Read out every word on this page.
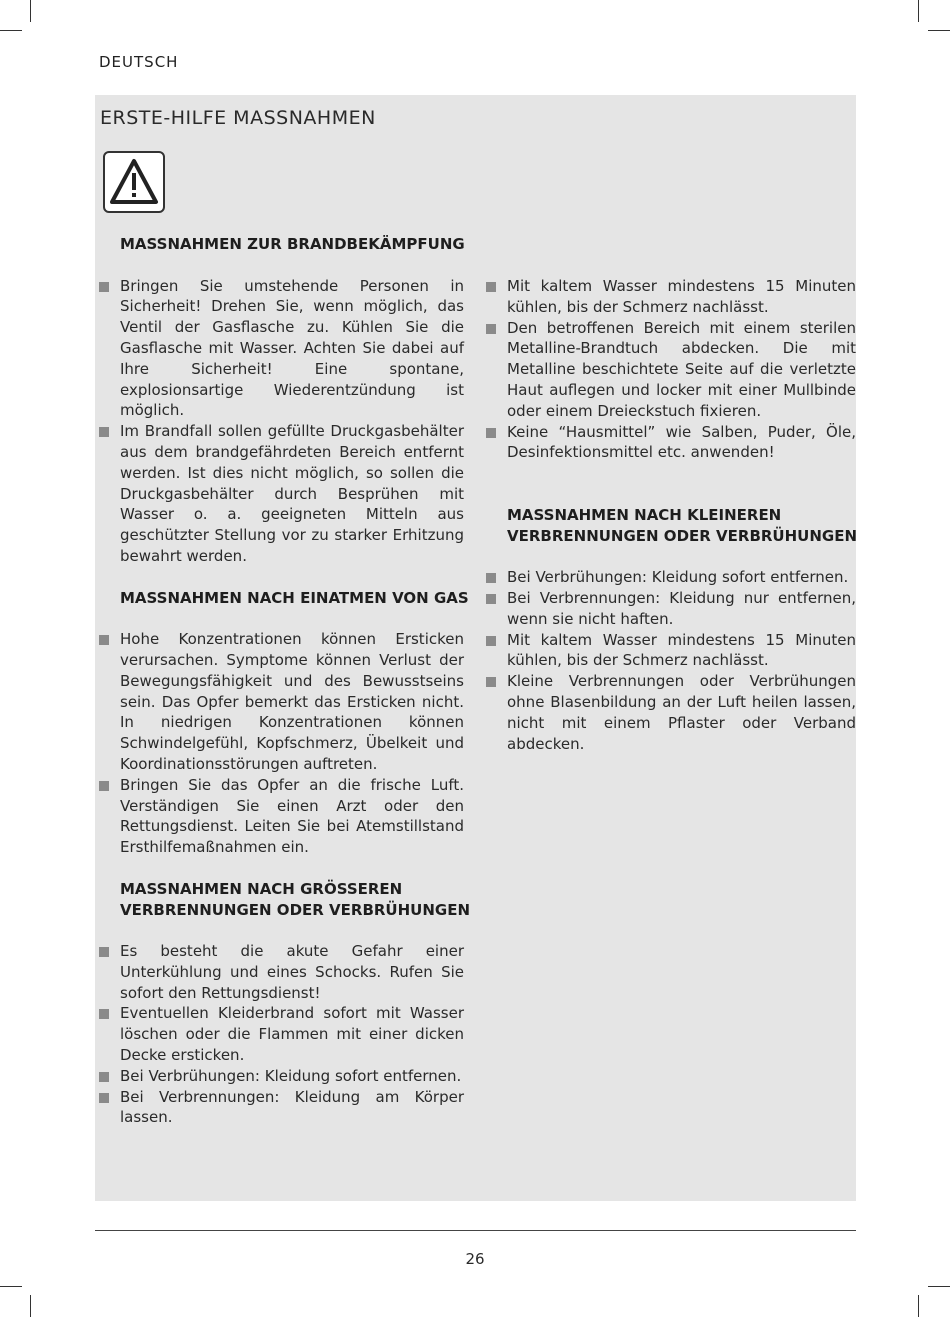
DEUTSCH
ERSTE-HILFE MASSNAHMEN
MASSNAHMEN ZUR BRANDBEKÄMPFUNG
Bringen Sie umstehende Personen in Sicherheit! Drehen Sie, wenn möglich, das Ventil der Gasflasche zu. Kühlen Sie die Gasflasche mit Wasser. Achten Sie dabei auf Ihre Sicherheit! Eine spontane, explosionsartige Wiederentzündung ist möglich.
Im Brandfall sollen gefüllte Druckgasbehälter aus dem brandgefährdeten Bereich entfernt werden. Ist dies nicht möglich, so sollen die Druckgasbehälter durch Besprühen mit Wasser o. a. geeigneten Mitteln aus geschützter Stellung vor zu starker Erhitzung bewahrt werden.
MASSNAHMEN NACH EINATMEN VON GAS
Hohe Konzentrationen können Ersticken verursachen. Symptome können Verlust der Bewegungsfähigkeit und des Bewusstseins sein. Das Opfer bemerkt das Ersticken nicht. In niedrigen Konzentrationen können Schwindelgefühl, Kopfschmerz, Übelkeit und Koordinationsstörungen auftreten.
Bringen Sie das Opfer an die frische Luft. Verständigen Sie einen Arzt oder den Rettungsdienst. Leiten Sie bei Atemstillstand Ersthilfemaßnahmen ein.
MASSNAHMEN NACH GRÖSSEREN
VERBRENNUNGEN ODER VERBRÜHUNGEN
Es besteht die akute Gefahr einer Unterkühlung und eines Schocks. Rufen Sie sofort den Rettungsdienst!
Eventuellen Kleiderbrand sofort mit Wasser löschen oder die Flammen mit einer dicken Decke ersticken.
Bei Verbrühungen: Kleidung sofort entfernen.
Bei Verbrennungen: Kleidung am Körper lassen.
Mit kaltem Wasser mindestens 15 Minuten kühlen, bis der Schmerz nachlässt.
Den betroffenen Bereich mit einem sterilen Metalline-Brandtuch abdecken. Die mit Metalline beschichtete Seite auf die verletzte Haut auflegen und locker mit einer Mullbinde oder einem Dreieckstuch fixieren.
Keine “Hausmittel” wie Salben, Puder, Öle, Desinfektionsmittel etc. anwenden!
MASSNAHMEN NACH KLEINEREN
VERBRENNUNGEN ODER VERBRÜHUNGEN
Bei Verbrühungen: Kleidung sofort entfernen.
Bei Verbrennungen: Kleidung nur entfernen, wenn sie nicht haften.
Mit kaltem Wasser mindestens 15 Minuten kühlen, bis der Schmerz nachlässt.
Kleine Verbrennungen oder Verbrühungen ohne Blasenbildung an der Luft heilen lassen, nicht mit einem Pflaster oder Verband abdecken.
26
